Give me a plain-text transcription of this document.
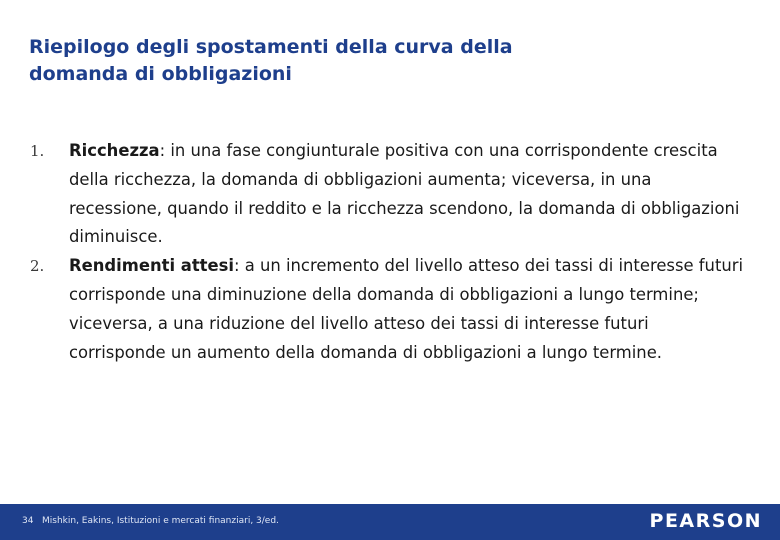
Riepilogo degli spostamenti della curva della
domanda di obbligazioni
1. Ricchezza: in una fase congiunturale positiva con una corrispondente crescita della ricchezza, la domanda di obbligazioni aumenta; viceversa, in una recessione, quando il reddito e la ricchezza scendono, la domanda di obbligazioni diminuisce.
2. Rendimenti attesi: a un incremento del livello atteso dei tassi di interesse futuri corrisponde una diminuzione della domanda di obbligazioni a lungo termine; viceversa, a una riduzione del livello atteso dei tassi di interesse futuri corrisponde un aumento della domanda di obbligazioni a lungo termine.
34 Mishkin, Eakins, Istituzioni e mercati finanziari, 3/ed.	PEARSON
